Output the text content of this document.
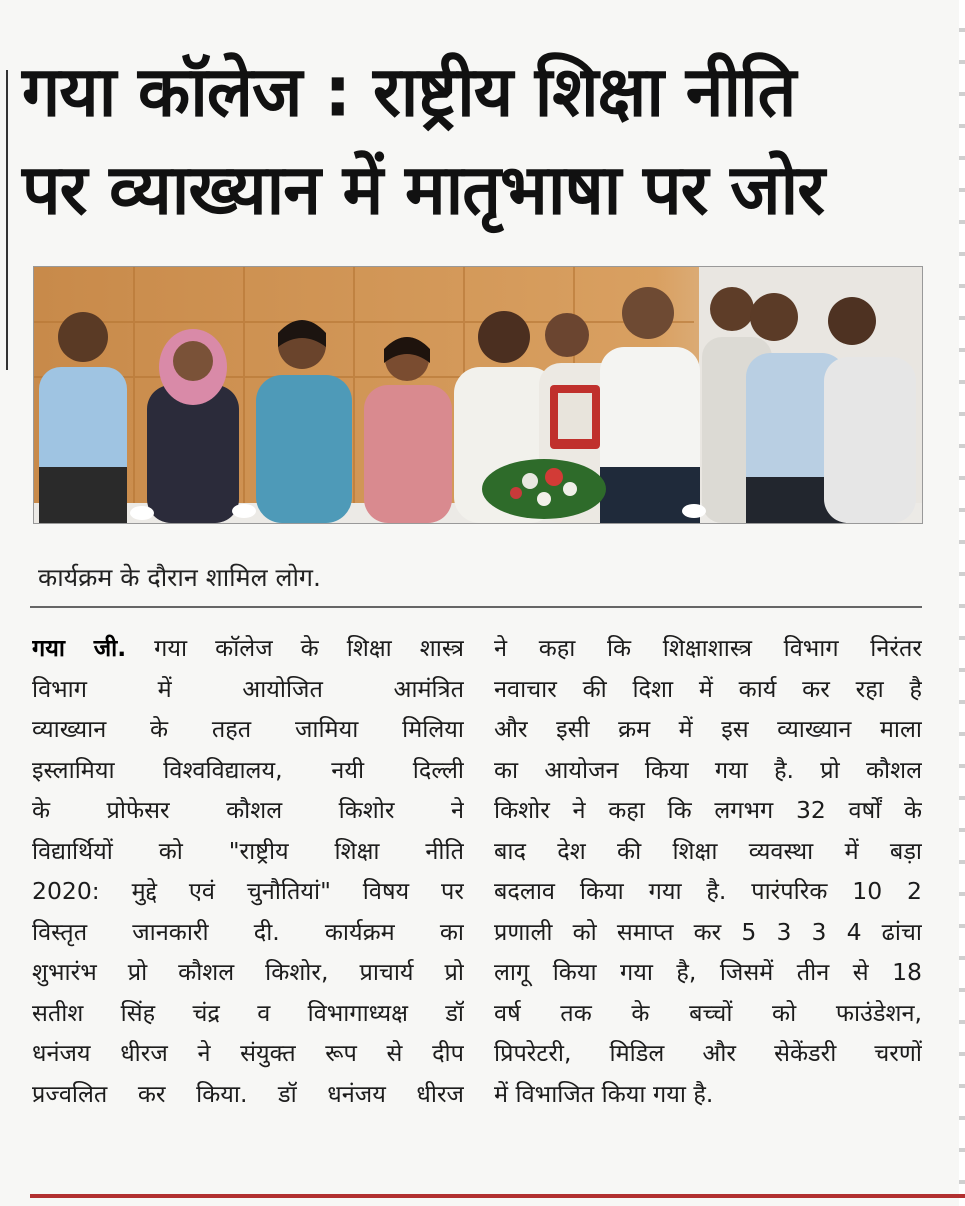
गया कॉलेज : राष्ट्रीय शिक्षा नीति
पर व्याख्यान में मातृभाषा पर जोर
कार्यक्रम के दौरान शामिल लोग.
गया जी. गया कॉलेज के शिक्षा शास्त्र
विभाग में आयोजित आमंत्रित
व्याख्यान के तहत जामिया मिलिया
इस्लामिया विश्वविद्यालय, नयी दिल्ली
के प्रोफेसर कौशल किशोर ने
विद्यार्थियों को "राष्ट्रीय शिक्षा नीति
2020: मुद्दे एवं चुनौतियां" विषय पर
विस्तृत जानकारी दी. कार्यक्रम का
शुभारंभ प्रो कौशल किशोर, प्राचार्य प्रो
सतीश सिंह चंद्र व विभागाध्यक्ष डॉ
धनंजय धीरज ने संयुक्त रूप से दीप
प्रज्वलित कर किया. डॉ धनंजय धीरज
ने कहा कि शिक्षाशास्त्र विभाग निरंतर
नवाचार की दिशा में कार्य कर रहा है
और इसी क्रम में इस व्याख्यान माला
का आयोजन किया गया है. प्रो कौशल
किशोर ने कहा कि लगभग 32 वर्षों के
बाद देश की शिक्षा व्यवस्था में बड़ा
बदलाव किया गया है. पारंपरिक 10 2
प्रणाली को समाप्त कर 5 3 3 4 ढांचा
लागू किया गया है, जिसमें तीन से 18
वर्ष तक के बच्चों को फाउंडेशन,
प्रिपरेटरी, मिडिल और सेकेंडरी चरणों
में विभाजित किया गया है.
